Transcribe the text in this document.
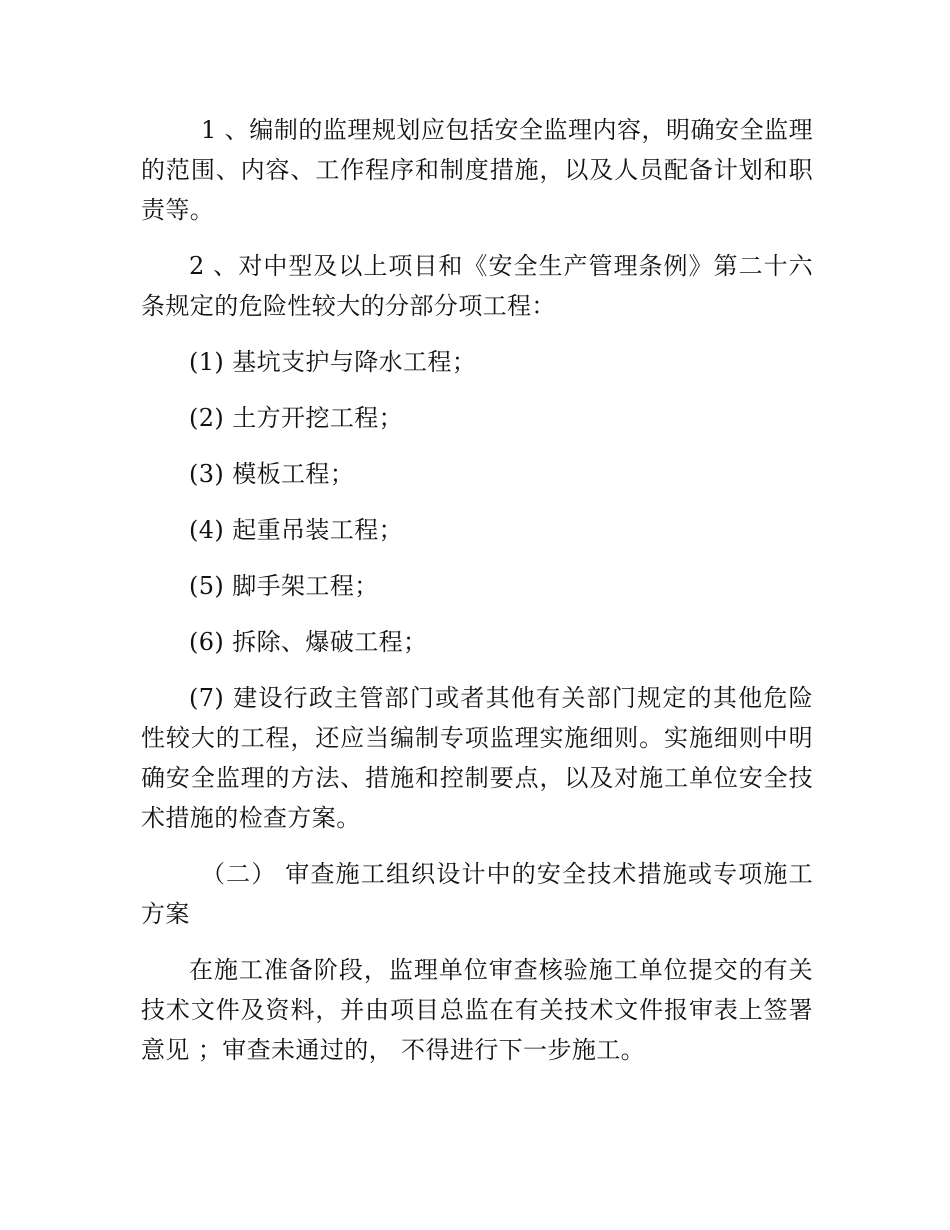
1 、编制的监理规划应包括安全监理内容，明确安全监理的范围、内容、工作程序和制度措施，以及人员配备计划和职责等。

2 、对中型及以上项目和《安全生产管理条例》第二十六条规定的危险性较大的分部分项工程：

(1) 基坑支护与降水工程；

(2) 土方开挖工程；

(3) 模板工程；

(4) 起重吊装工程；

(5) 脚手架工程；

(6) 拆除、爆破工程；

(7) 建设行政主管部门或者其他有关部门规定的其他危险性较大的工程，还应当编制专项监理实施细则。实施细则中明确安全监理的方法、措施和控制要点，以及对施工单位安全技术措施的检查方案。

（二） 审查施工组织设计中的安全技术措施或专项施工方案

在施工准备阶段，监理单位审查核验施工单位提交的有关技术文件及资料，并由项目总监在有关技术文件报审表上签署意见 ；审查未通过的， 不得进行下一步施工。
